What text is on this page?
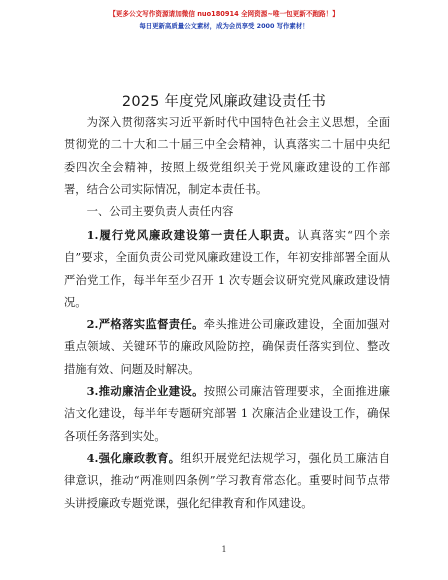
【更多公文写作资源请加微信 nuo180914 全网资源~唯一包更新不跑路！】
每日更新高质量公文素材，成为会员享受 2000 写作素材！
2025 年度党风廉政建设责任书

为深入贯彻落实习近平新时代中国特色社会主义思想，全面贯彻党的二十大和二十届三中全会精神，认真落实二十届中央纪委四次全会精神，按照上级党组织关于党风廉政建设的工作部署，结合公司实际情况，制定本责任书。

一、公司主要负责人责任内容

1.履行党风廉政建设第一责任人职责。认真落实“四个亲自”要求，全面负责公司党风廉政建设工作，年初安排部署全面从严治党工作，每半年至少召开 1 次专题会议研究党风廉政建设情况。

2.严格落实监督责任。牵头推进公司廉政建设，全面加强对重点领域、关键环节的廉政风险防控，确保责任落实到位、整改措施有效、问题及时解决。

3.推动廉洁企业建设。按照公司廉洁管理要求，全面推进廉洁文化建设，每半年专题研究部署 1 次廉洁企业建设工作，确保各项任务落到实处。

4.强化廉政教育。组织开展党纪法规学习，强化员工廉洁自律意识，推动“两准则四条例”学习教育常态化。重要时间节点带头讲授廉政专题党课，强化纪律教育和作风建设。

1
